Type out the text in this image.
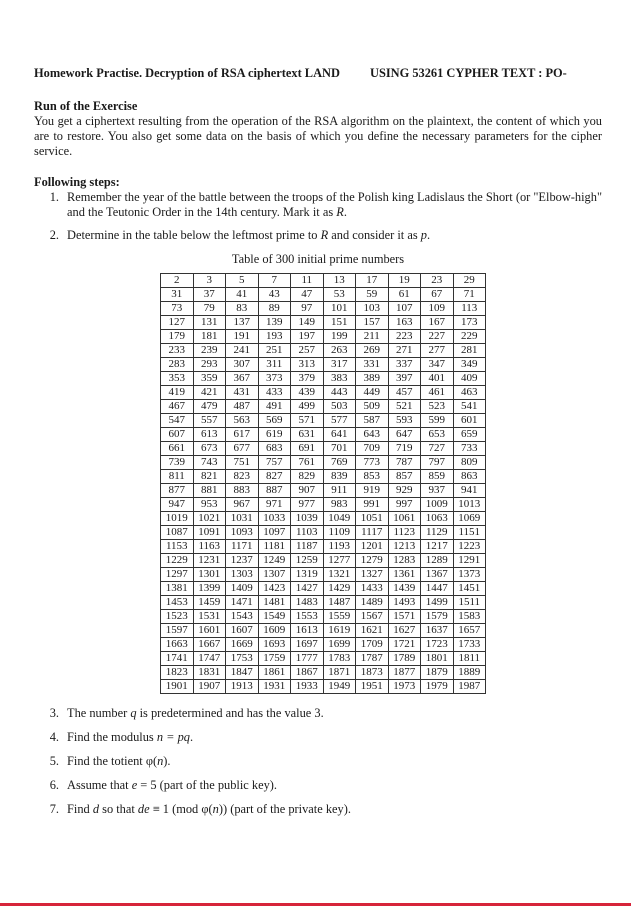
Homework Practise. Decryption of RSA ciphertext LAND	USING 53261 CYPHER TEXT : PO-
Run of the Exercise
You get a ciphertext resulting from the operation of the RSA algorithm on the plaintext, the content of which you are to restore. You also get some data on the basis of which you define the necessary parameters for the cipher service.
Following steps:
1. Remember the year of the battle between the troops of the Polish king Ladislaus the Short (or "Elbow-high" and the Teutonic Order in the 14th century. Mark it as R.
2. Determine in the table below the leftmost prime to R and consider it as p.
Table of 300 initial prime numbers
2	3	5	7	11	13	17	19	23	29
31	37	41	43	47	53	59	61	67	71
73	79	83	89	97	101	103	107	109	113
127	131	137	139	149	151	157	163	167	173
179	181	191	193	197	199	211	223	227	229
233	239	241	251	257	263	269	271	277	281
283	293	307	311	313	317	331	337	347	349
353	359	367	373	379	383	389	397	401	409
419	421	431	433	439	443	449	457	461	463
467	479	487	491	499	503	509	521	523	541
547	557	563	569	571	577	587	593	599	601
607	613	617	619	631	641	643	647	653	659
661	673	677	683	691	701	709	719	727	733
739	743	751	757	761	769	773	787	797	809
811	821	823	827	829	839	853	857	859	863
877	881	883	887	907	911	919	929	937	941
947	953	967	971	977	983	991	997	1009	1013
1019	1021	1031	1033	1039	1049	1051	1061	1063	1069
1087	1091	1093	1097	1103	1109	1117	1123	1129	1151
1153	1163	1171	1181	1187	1193	1201	1213	1217	1223
1229	1231	1237	1249	1259	1277	1279	1283	1289	1291
1297	1301	1303	1307	1319	1321	1327	1361	1367	1373
1381	1399	1409	1423	1427	1429	1433	1439	1447	1451
1453	1459	1471	1481	1483	1487	1489	1493	1499	1511
1523	1531	1543	1549	1553	1559	1567	1571	1579	1583
1597	1601	1607	1609	1613	1619	1621	1627	1637	1657
1663	1667	1669	1693	1697	1699	1709	1721	1723	1733
1741	1747	1753	1759	1777	1783	1787	1789	1801	1811
1823	1831	1847	1861	1867	1871	1873	1877	1879	1889
1901	1907	1913	1931	1933	1949	1951	1973	1979	1987
3. The number q is predetermined and has the value 3.
4. Find the modulus n = pq.
5. Find the totient φ(n).
6. Assume that e = 5 (part of the public key).
7. Find d so that de ≡ 1 (mod φ(n)) (part of the private key).
